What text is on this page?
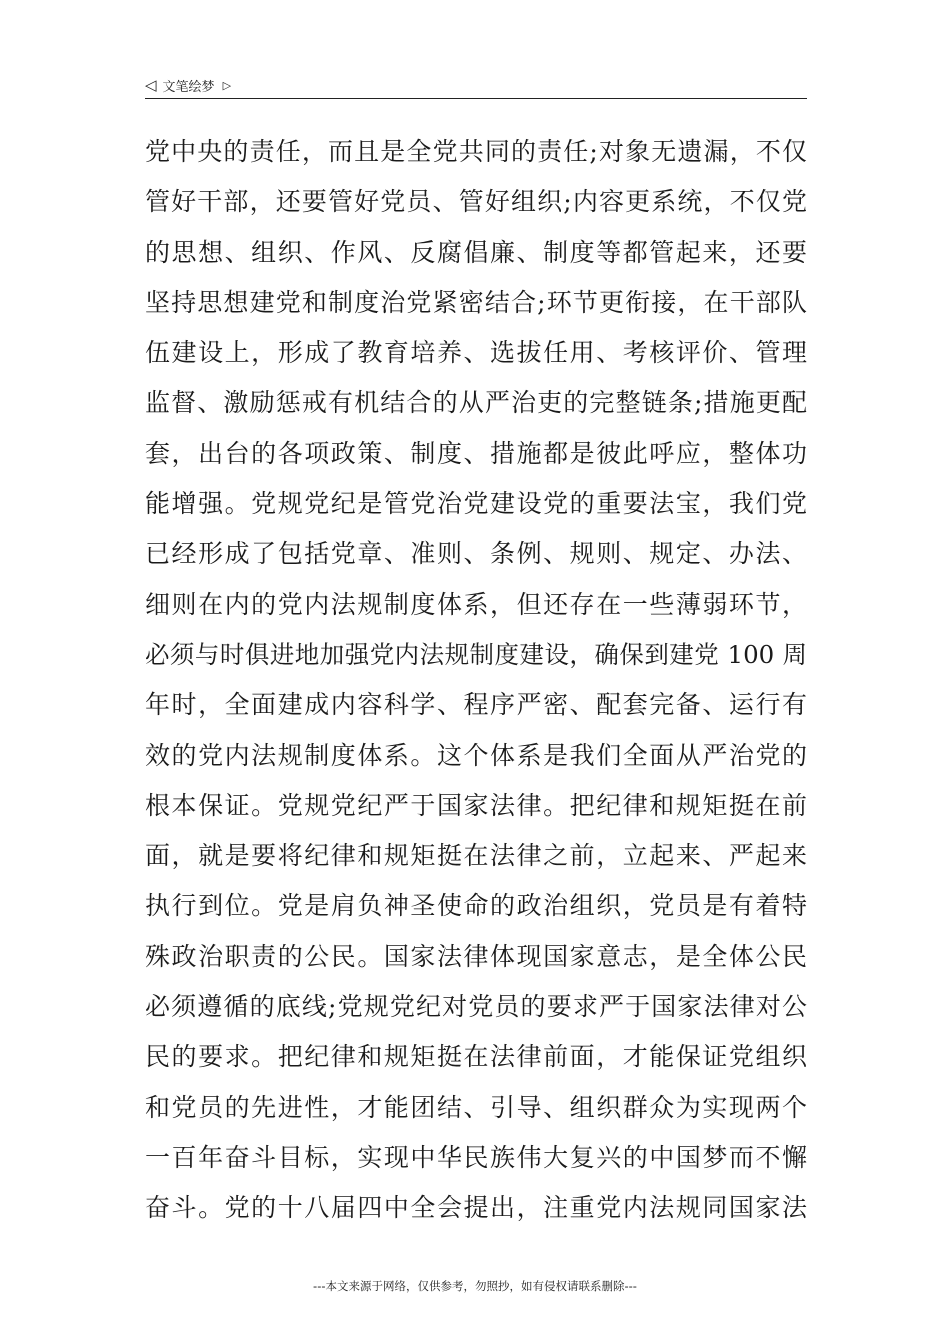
◁ 文笔绘梦 ▷
党中央的责任，而且是全党共同的责任;对象无遗漏，不仅
管好干部，还要管好党员、管好组织;内容更系统，不仅党
的思想、组织、作风、反腐倡廉、制度等都管起来，还要
坚持思想建党和制度治党紧密结合;环节更衔接，在干部队
伍建设上，形成了教育培养、选拔任用、考核评价、管理
监督、激励惩戒有机结合的从严治吏的完整链条;措施更配
套，出台的各项政策、制度、措施都是彼此呼应，整体功
能增强。党规党纪是管党治党建设党的重要法宝，我们党
已经形成了包括党章、准则、条例、规则、规定、办法、
细则在内的党内法规制度体系，但还存在一些薄弱环节，
必须与时俱进地加强党内法规制度建设，确保到建党 100 周
年时，全面建成内容科学、程序严密、配套完备、运行有
效的党内法规制度体系。这个体系是我们全面从严治党的
根本保证。党规党纪严于国家法律。把纪律和规矩挺在前
面，就是要将纪律和规矩挺在法律之前，立起来、严起来
执行到位。党是肩负神圣使命的政治组织，党员是有着特
殊政治职责的公民。国家法律体现国家意志，是全体公民
必须遵循的底线;党规党纪对党员的要求严于国家法律对公
民的要求。把纪律和规矩挺在法律前面，才能保证党组织
和党员的先进性，才能团结、引导、组织群众为实现两个
一百年奋斗目标，实现中华民族伟大复兴的中国梦而不懈
奋斗。党的十八届四中全会提出，注重党内法规同国家法
---本文来源于网络，仅供参考，勿照抄，如有侵权请联系删除---
